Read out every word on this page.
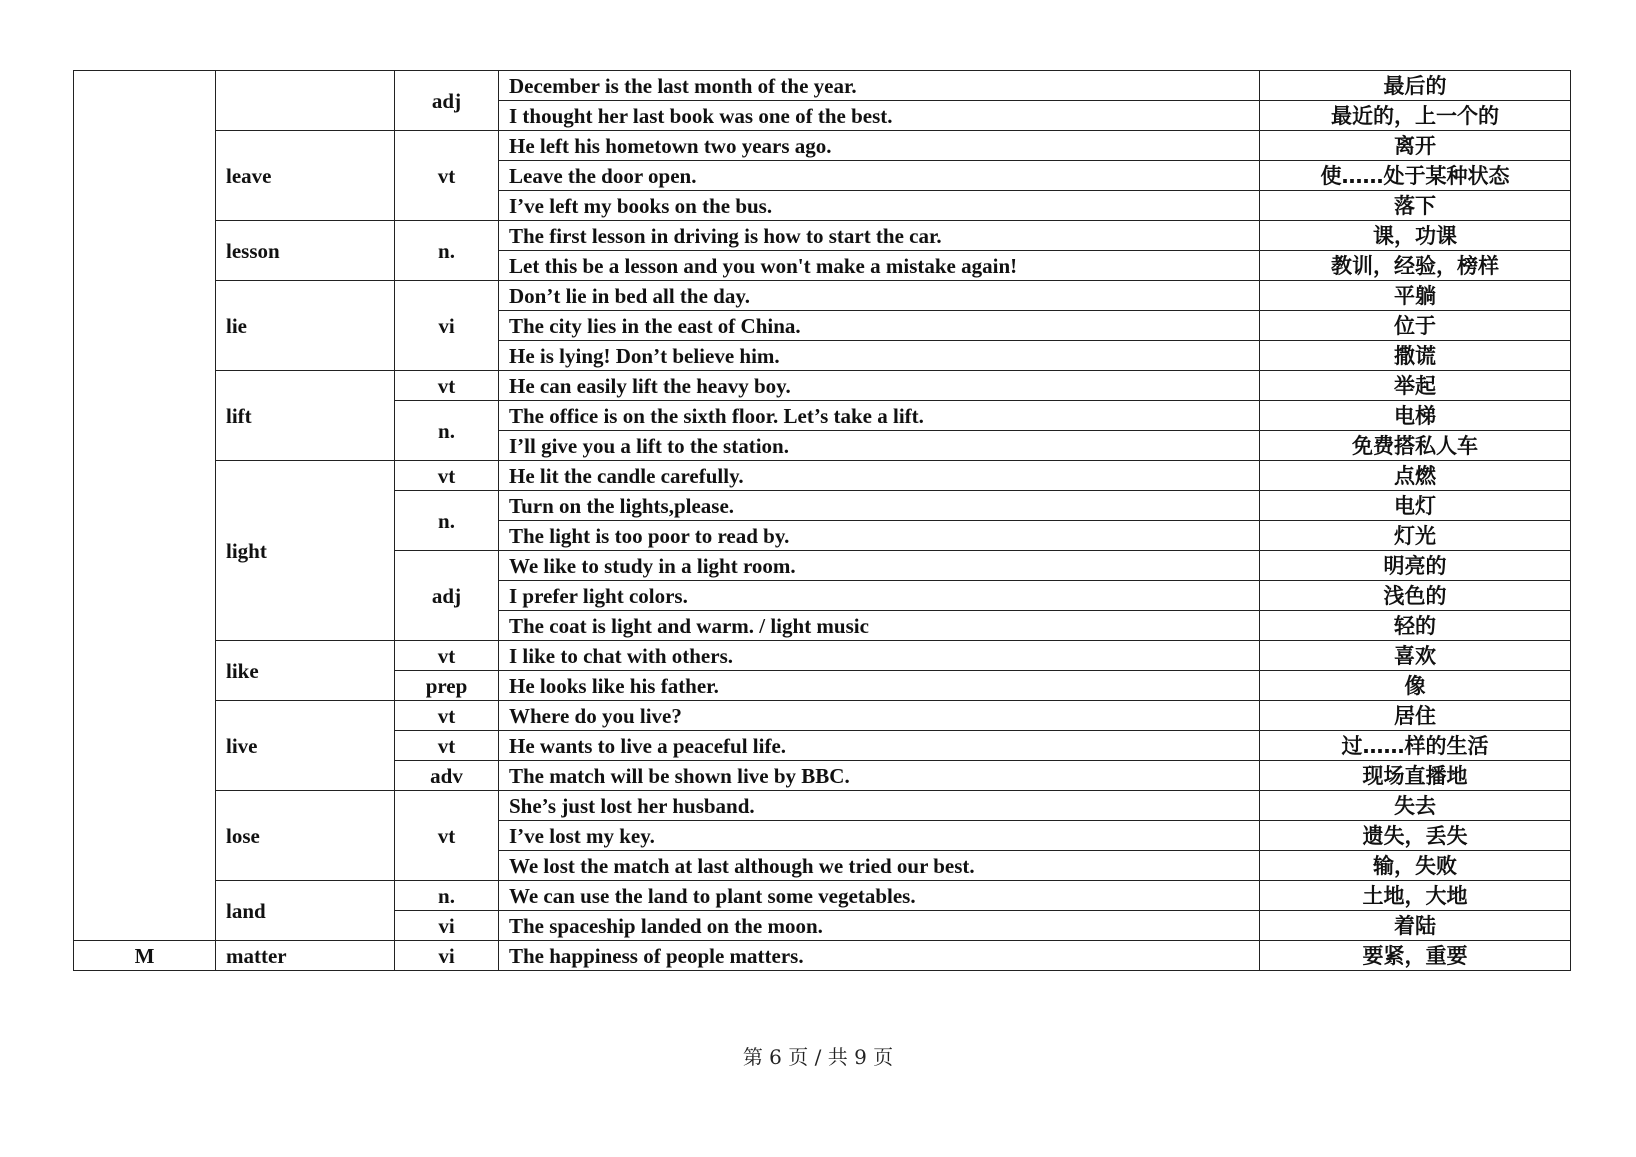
		adj	December is the last month of the year.	最后的
			I thought her last book was one of the best.	最近的，上一个的
	leave	vt	He left his hometown two years ago.	离开
			Leave the door open.	使……处于某种状态
			I’ve left my books on the bus.	落下
	lesson	n.	The first lesson in driving is how to start the car.	课，功课
			Let this be a lesson and you won't make a mistake again!	教训，经验，榜样
	lie	vi	Don’t lie in bed all the day.	平躺
			The city lies in the east of China.	位于
			He is lying! Don’t believe him.	撒谎
	lift	vt	He can easily lift the heavy boy.	举起
		n.	The office is on the sixth floor. Let’s take a lift.	电梯
			I’ll give you a lift to the station.	免费搭私人车
	light	vt	He lit the candle carefully.	点燃
		n.	Turn on the lights,please.	电灯
			The light is too poor to read by.	灯光
		adj	We like to study in a light room.	明亮的
			I prefer light colors.	浅色的
			The coat is light and warm. / light music	轻的
	like	vt	I like to chat with others.	喜欢
		prep	He looks like his father.	像
	live	vt	Where do you live?	居住
		vt	He wants to live a peaceful life.	过……样的生活
		adv	The match will be shown live by BBC.	现场直播地
	lose	vt	She’s just lost her husband.	失去
			I’ve lost my key.	遗失，丢失
			We lost the match at last although we tried our best.	输，失败
	land	n.	We can use the land to plant some vegetables.	土地，大地
		vi	The spaceship landed on the moon.	着陆
M	matter	vi	The happiness of people matters.	要紧，重要
第 6 页 / 共 9 页
